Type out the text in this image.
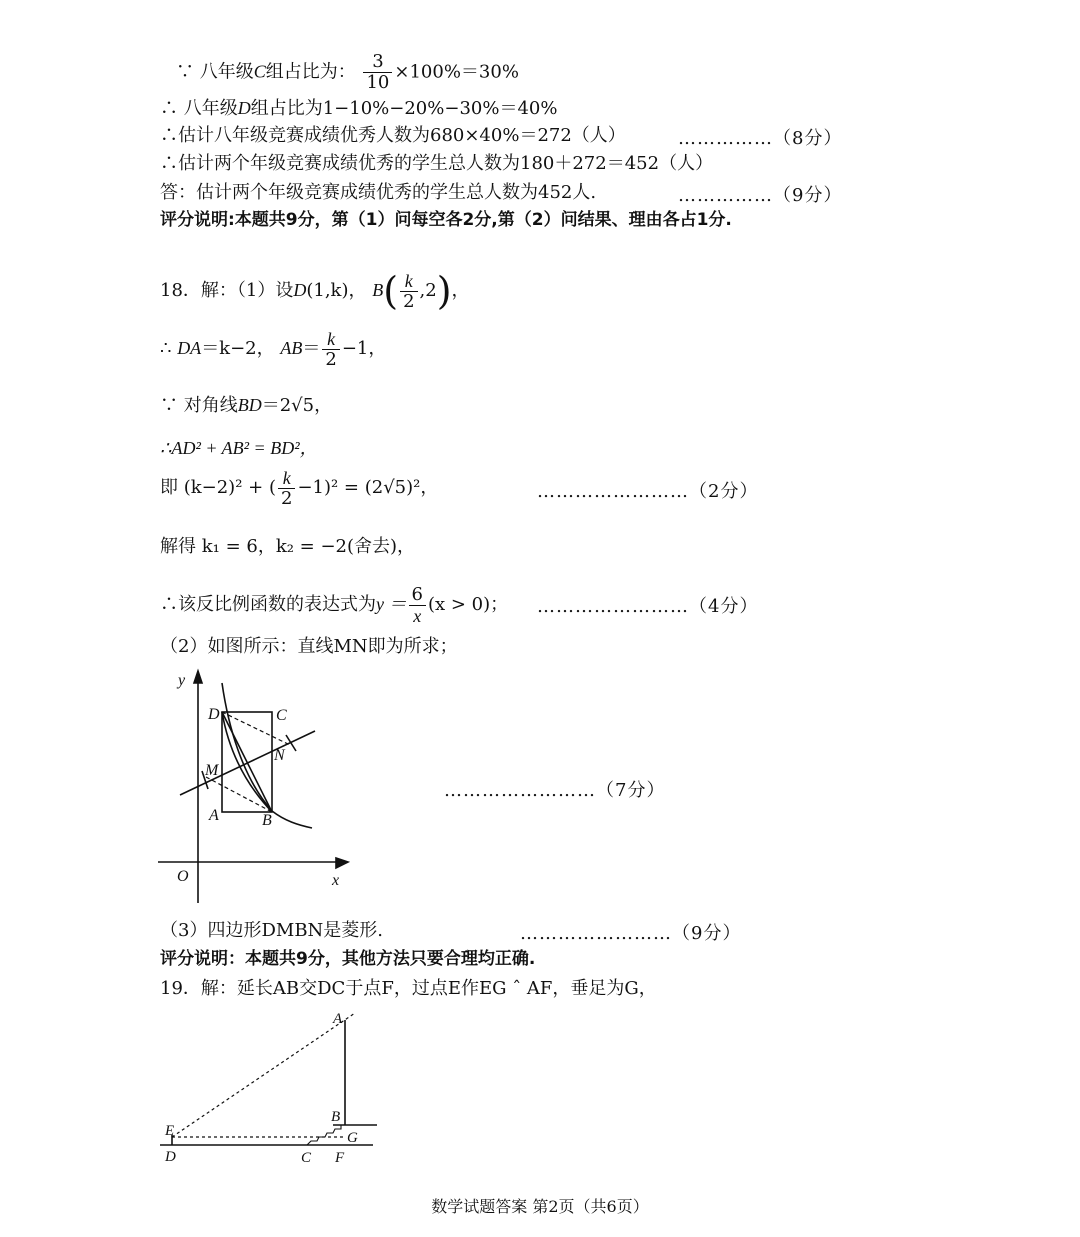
∵ 八年级C组占比为： $\frac{3}{10} \times 100\%=30\%$
∴ 八年级D组占比为1−10%−20%−30%＝40%
∴估计八年级竞赛成绩优秀人数为680×40%＝272（人）	……………（8分）
∴估计两个年级竞赛成绩优秀的学生总人数为180＋272＝452（人）
答：估计两个年级竞赛成绩优秀的学生总人数为452人.	……………（9分）
评分说明:本题共9分，第（1）问每空各2分,第（2）问结果、理由各占1分.
18．解：（1）设D(1,k)， $B( \frac{k}{2} ,2)$，
∴ DA＝k−2， $AB= \frac{k}{2} -1$，
∵ 对角线BD＝2√5，
∴AD² + AB² = BD²，
即 (k−2)² + ( $\frac{k}{2} -1)^2 = (2√5)^2$，	……………………（2分）
解得 k₁ = 6，k₂ = −2(舍去)，
∴该反比例函数的表达式为$y = \frac{6}{x} (x > 0)$； ……………………（4分）
（2）如图所示：直线MN即为所求；
y
D	C
M
N
A	B
O	x
……………………（7分）
（3）四边形DMBN是菱形.	……………………（9分）
评分说明：本题共9分，其他方法只要合理均正确.
19．解：延长AB交DC于点F，过点E作EG ˆ AF，垂足为G，
A
B
E	G
D	C F
数学试题答案 第2页（共6页）
